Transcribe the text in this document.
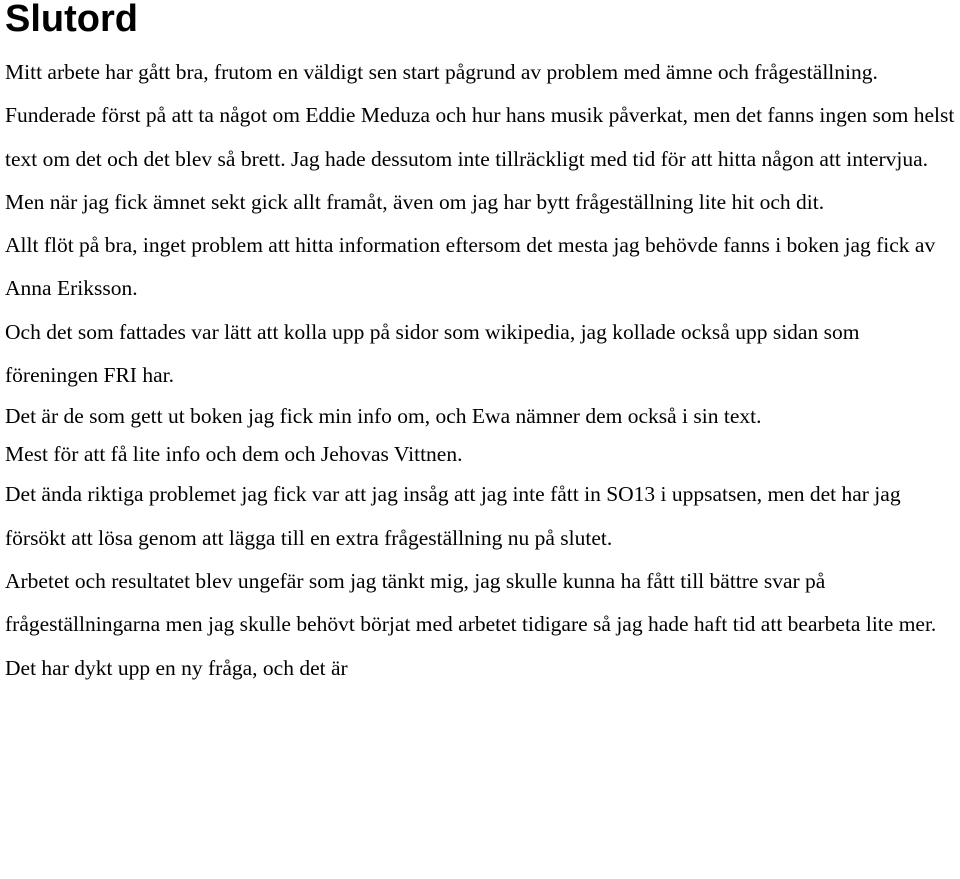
Slutord

Mitt arbete har gått bra, frutom en väldigt sen start pågrund av problem med ämne och frågeställning.

Funderade först på att ta något om Eddie Meduza och hur hans musik påverkat, men det fanns ingen som helst text om det och det blev så brett. Jag hade dessutom inte tillräckligt med tid för att hitta någon att intervjua.

Men när jag fick ämnet sekt gick allt framåt, även om jag har bytt frågeställning lite hit och dit.

Allt flöt på bra, inget problem att hitta information eftersom det mesta jag behövde fanns i boken jag fick av Anna Eriksson.

Och det som fattades var lätt att kolla upp på sidor som wikipedia, jag kollade också upp sidan som föreningen FRI har.

Det är de som gett ut boken jag fick min info om, och Ewa nämner dem också i sin text.

Mest för att få lite info och dem och Jehovas Vittnen.

Det ända riktiga problemet jag fick var att jag insåg att jag inte fått in SO13 i uppsatsen, men det har jag försökt att lösa genom att lägga till en extra frågeställning nu på slutet.

Arbetet och resultatet blev ungefär som jag tänkt mig, jag skulle kunna ha fått till bättre svar på frågeställningarna men jag skulle behövt börjat med arbetet tidigare så jag hade haft tid att bearbeta lite mer.

Det har dykt upp en ny fråga, och det är
